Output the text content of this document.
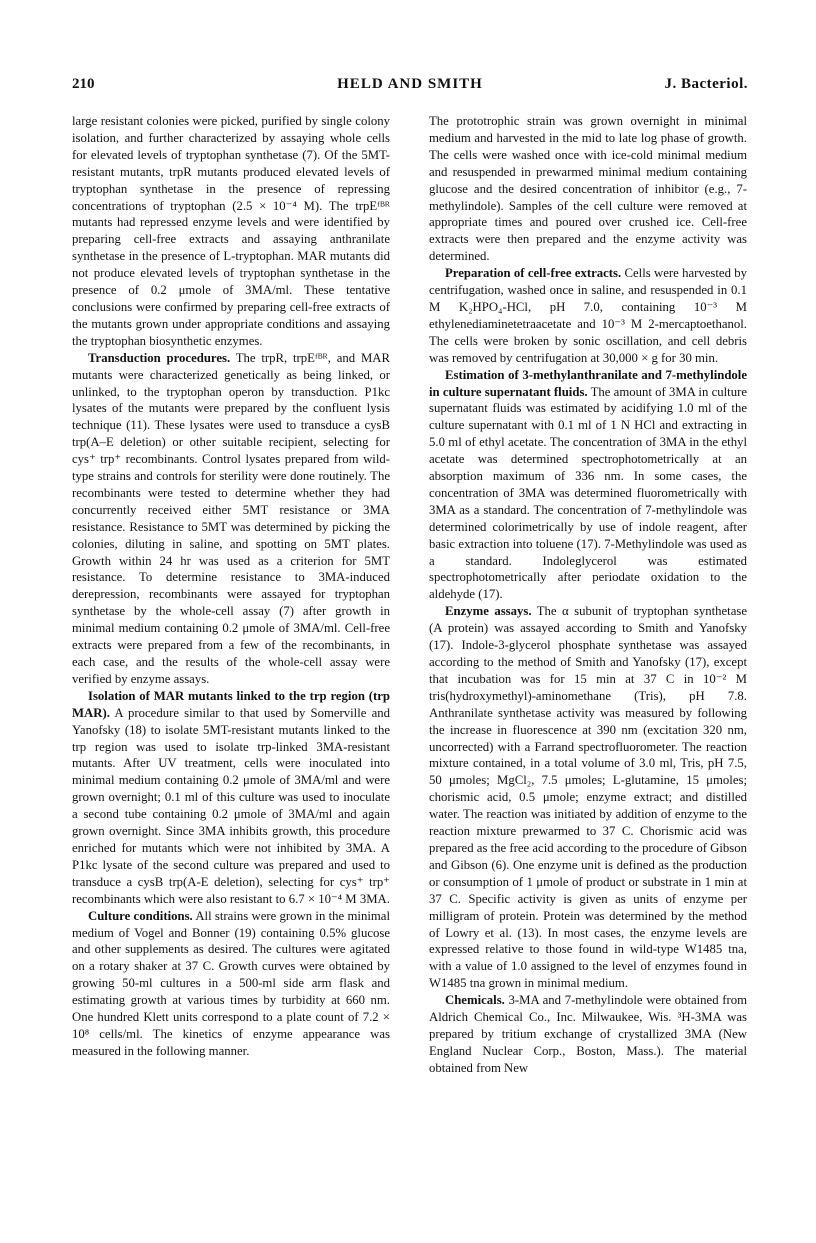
210	HELD AND SMITH	J. Bacteriol.

large resistant colonies were picked, purified by single colony isolation, and further characterized by assaying whole cells for elevated levels of tryptophan synthetase (7). Of the 5MT-resistant mutants, trpR mutants produced elevated levels of tryptophan synthetase in the presence of repressing concentrations of tryptophan (2.5 × 10⁻⁴ M). The trpEᶠᴮᴿ mutants had repressed enzyme levels and were identified by preparing cell-free extracts and assaying anthranilate synthetase in the presence of L-tryptophan. MAR mutants did not produce elevated levels of tryptophan synthetase in the presence of 0.2 μmole of 3MA/ml. These tentative conclusions were confirmed by preparing cell-free extracts of the mutants grown under appropriate conditions and assaying the tryptophan biosynthetic enzymes.

Transduction procedures. The trpR, trpEᶠᴮᴿ, and MAR mutants were characterized genetically as being linked, or unlinked, to the tryptophan operon by transduction. P1kc lysates of the mutants were prepared by the confluent lysis technique (11). These lysates were used to transduce a cysB trp(A–E deletion) or other suitable recipient, selecting for cys⁺ trp⁺ recombinants. Control lysates prepared from wild-type strains and controls for sterility were done routinely. The recombinants were tested to determine whether they had concurrently received either 5MT resistance or 3MA resistance. Resistance to 5MT was determined by picking the colonies, diluting in saline, and spotting on 5MT plates. Growth within 24 hr was used as a criterion for 5MT resistance. To determine resistance to 3MA-induced derepression, recombinants were assayed for tryptophan synthetase by the whole-cell assay (7) after growth in minimal medium containing 0.2 μmole of 3MA/ml. Cell-free extracts were prepared from a few of the recombinants, in each case, and the results of the whole-cell assay were verified by enzyme assays.

Isolation of MAR mutants linked to the trp region (trp MAR). A procedure similar to that used by Somerville and Yanofsky (18) to isolate 5MT-resistant mutants linked to the trp region was used to isolate trp-linked 3MA-resistant mutants. After UV treatment, cells were inoculated into minimal medium containing 0.2 μmole of 3MA/ml and were grown overnight; 0.1 ml of this culture was used to inoculate a second tube containing 0.2 μmole of 3MA/ml and again grown overnight. Since 3MA inhibits growth, this procedure enriched for mutants which were not inhibited by 3MA. A P1kc lysate of the second culture was prepared and used to transduce a cysB trp(A-E deletion), selecting for cys⁺ trp⁺ recombinants which were also resistant to 6.7 × 10⁻⁴ M 3MA.

Culture conditions. All strains were grown in the minimal medium of Vogel and Bonner (19) containing 0.5% glucose and other supplements as desired. The cultures were agitated on a rotary shaker at 37 C. Growth curves were obtained by growing 50-ml cultures in a 500-ml side arm flask and estimating growth at various times by turbidity at 660 nm. One hundred Klett units correspond to a plate count of 7.2 × 10⁸ cells/ml. The kinetics of enzyme appearance was measured in the following manner.

The prototrophic strain was grown overnight in minimal medium and harvested in the mid to late log phase of growth. The cells were washed once with ice-cold minimal medium and resuspended in prewarmed minimal medium containing glucose and the desired concentration of inhibitor (e.g., 7-methylindole). Samples of the cell culture were removed at appropriate times and poured over crushed ice. Cell-free extracts were then prepared and the enzyme activity was determined.

Preparation of cell-free extracts. Cells were harvested by centrifugation, washed once in saline, and resuspended in 0.1 M K₂HPO₄-HCl, pH 7.0, containing 10⁻³ M ethylenediaminetetraacetate and 10⁻³ M 2-mercaptoethanol. The cells were broken by sonic oscillation, and cell debris was removed by centrifugation at 30,000 × g for 30 min.

Estimation of 3-methylanthranilate and 7-methylindole in culture supernatant fluids. The amount of 3MA in culture supernatant fluids was estimated by acidifying 1.0 ml of the culture supernatant with 0.1 ml of 1 N HCl and extracting in 5.0 ml of ethyl acetate. The concentration of 3MA in the ethyl acetate was determined spectrophotometrically at an absorption maximum of 336 nm. In some cases, the concentration of 3MA was determined fluorometrically with 3MA as a standard. The concentration of 7-methylindole was determined colorimetrically by use of indole reagent, after basic extraction into toluene (17). 7-Methylindole was used as a standard. Indoleglycerol was estimated spectrophotometrically after periodate oxidation to the aldehyde (17).

Enzyme assays. The α subunit of tryptophan synthetase (A protein) was assayed according to Smith and Yanofsky (17). Indole-3-glycerol phosphate synthetase was assayed according to the method of Smith and Yanofsky (17), except that incubation was for 15 min at 37 C in 10⁻² M tris(hydroxymethyl)-aminomethane (Tris), pH 7.8. Anthranilate synthetase activity was measured by following the increase in fluorescence at 390 nm (excitation 320 nm, uncorrected) with a Farrand spectrofluorometer. The reaction mixture contained, in a total volume of 3.0 ml, Tris, pH 7.5, 50 μmoles; MgCl₂, 7.5 μmoles; L-glutamine, 15 μmoles; chorismic acid, 0.5 μmole; enzyme extract; and distilled water. The reaction was initiated by addition of enzyme to the reaction mixture prewarmed to 37 C. Chorismic acid was prepared as the free acid according to the procedure of Gibson and Gibson (6). One enzyme unit is defined as the production or consumption of 1 μmole of product or substrate in 1 min at 37 C. Specific activity is given as units of enzyme per milligram of protein. Protein was determined by the method of Lowry et al. (13). In most cases, the enzyme levels are expressed relative to those found in wild-type W1485 tna, with a value of 1.0 assigned to the level of enzymes found in W1485 tna grown in minimal medium.

Chemicals. 3-MA and 7-methylindole were obtained from Aldrich Chemical Co., Inc. Milwaukee, Wis. ³H-3MA was prepared by tritium exchange of crystallized 3MA (New England Nuclear Corp., Boston, Mass.). The material obtained from New
